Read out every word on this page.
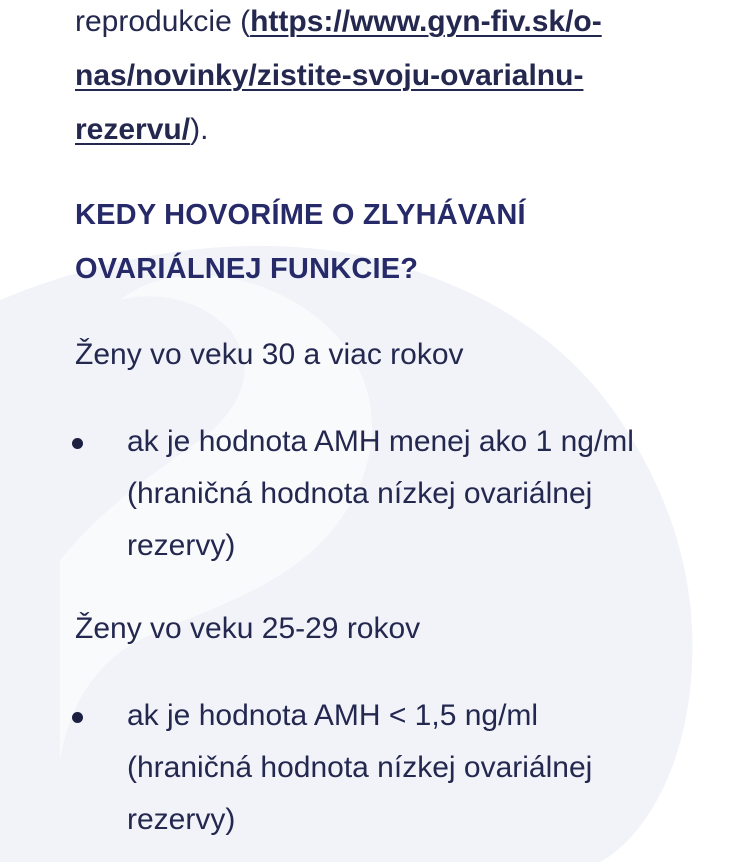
reprodukcie (https://www.gyn-fiv.sk/o-nas/novinky/zistite-svoju-ovarialnu-rezervu/).

KEDY HOVORÍME O ZLYHÁVANÍ OVARIÁLNEJ FUNKCIE?

Ženy vo veku 30 a viac rokov

ak je hodnota AMH menej ako 1 ng/ml (hraničná hodnota nízkej ovariálnej rezervy)

Ženy vo veku 25-29 rokov

ak je hodnota AMH < 1,5 ng/ml (hraničná hodnota nízkej ovariálnej rezervy)
